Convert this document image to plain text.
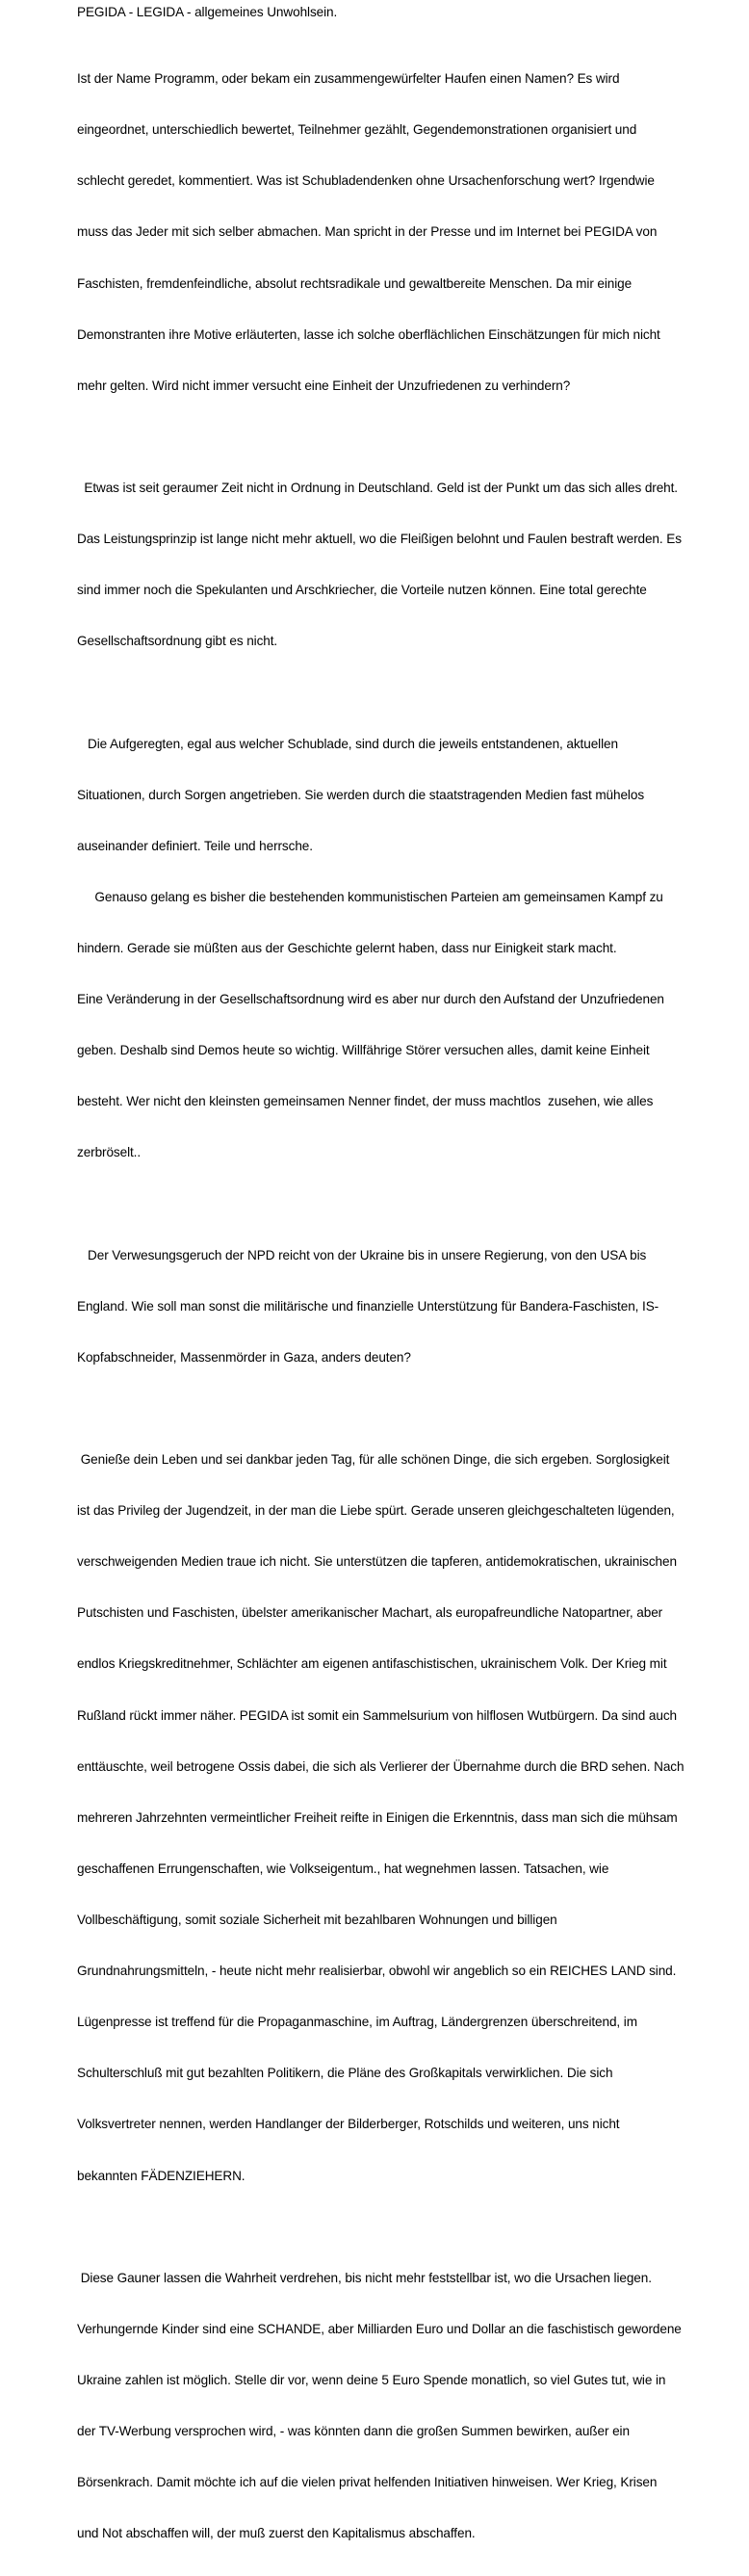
PEGIDA - LEGIDA - allgemeines Unwohlsein.

Ist der Name Programm, oder bekam ein zusammengewürfelter Haufen einen Namen? Es wird

eingeordnet, unterschiedlich bewertet, Teilnehmer gezählt, Gegendemonstrationen organisiert und

schlecht geredet, kommentiert. Was ist Schubladendenken ohne Ursachenforschung wert? Irgendwie

muss das Jeder mit sich selber abmachen. Man spricht in der Presse und im Internet bei PEGIDA von

Faschisten, fremdenfeindliche, absolut rechtsradikale und gewaltbereite Menschen. Da mir einige

Demonstranten ihre Motive erläuterten, lasse ich solche oberflächlichen Einschätzungen für mich nicht

mehr gelten. Wird nicht immer versucht eine Einheit der Unzufriedenen zu verhindern?

Etwas ist seit geraumer Zeit nicht in Ordnung in Deutschland. Geld ist der Punkt um das sich alles dreht.

Das Leistungsprinzip ist lange nicht mehr aktuell, wo die Fleißigen belohnt und Faulen bestraft werden. Es

sind immer noch die Spekulanten und Arschkriecher, die Vorteile nutzen können. Eine total gerechte

Gesellschaftsordnung gibt es nicht.

Die Aufgeregten, egal aus welcher Schublade, sind durch die jeweils entstandenen, aktuellen

Situationen, durch Sorgen angetrieben. Sie werden durch die staatstragenden Medien fast mühelos

auseinander definiert. Teile und herrsche.

Genauso gelang es bisher die bestehenden kommunistischen Parteien am gemeinsamen Kampf zu

hindern. Gerade sie müßten aus der Geschichte gelernt haben, dass nur Einigkeit stark macht.

Eine Veränderung in der Gesellschaftsordnung wird es aber nur durch den Aufstand der Unzufriedenen

geben. Deshalb sind Demos heute so wichtig. Willfährige Störer versuchen alles, damit keine Einheit

besteht. Wer nicht den kleinsten gemeinsamen Nenner findet, der muss machtlos  zusehen, wie alles

zerbröselt..

Der Verwesungsgeruch der NPD reicht von der Ukraine bis in unsere Regierung, von den USA bis

England. Wie soll man sonst die militärische und finanzielle Unterstützung für Bandera-Faschisten, IS-

Kopfabschneider, Massenmörder in Gaza, anders deuten?

Genieße dein Leben und sei dankbar jeden Tag, für alle schönen Dinge, die sich ergeben. Sorglosigkeit

ist das Privileg der Jugendzeit, in der man die Liebe spürt. Gerade unseren gleichgeschalteten lügenden,

verschweigenden Medien traue ich nicht. Sie unterstützen die tapferen, antidemokratischen, ukrainischen

Putschisten und Faschisten, übelster amerikanischer Machart, als europafreundliche Natopartner, aber

endlos Kriegskreditnehmer, Schlächter am eigenen antifaschistischen, ukrainischem Volk. Der Krieg mit

Rußland rückt immer näher. PEGIDA ist somit ein Sammelsurium von hilflosen Wutbürgern. Da sind auch

enttäuschte, weil betrogene Ossis dabei, die sich als Verlierer der Übernahme durch die BRD sehen. Nach

mehreren Jahrzehnten vermeintlicher Freiheit reifte in Einigen die Erkenntnis, dass man sich die mühsam

geschaffenen Errungenschaften, wie Volkseigentum., hat wegnehmen lassen. Tatsachen, wie

Vollbeschäftigung, somit soziale Sicherheit mit bezahlbaren Wohnungen und billigen

Grundnahrungsmitteln, - heute nicht mehr realisierbar, obwohl wir angeblich so ein REICHES LAND sind.

Lügenpresse ist treffend für die Propaganmaschine, im Auftrag, Ländergrenzen überschreitend, im

Schulterschluß mit gut bezahlten Politikern, die Pläne des Großkapitals verwirklichen. Die sich

Volksvertreter nennen, werden Handlanger der Bilderberger, Rotschilds und weiteren, uns nicht

bekannten FÄDENZIEHERN.

Diese Gauner lassen die Wahrheit verdrehen, bis nicht mehr feststellbar ist, wo die Ursachen liegen.

Verhungernde Kinder sind eine SCHANDE, aber Milliarden Euro und Dollar an die faschistisch gewordene

Ukraine zahlen ist möglich. Stelle dir vor, wenn deine 5 Euro Spende monatlich, so viel Gutes tut, wie in

der TV-Werbung versprochen wird, - was könnten dann die großen Summen bewirken, außer ein

Börsenkrach. Damit möchte ich auf die vielen privat helfenden Initiativen hinweisen. Wer Krieg, Krisen

und Not abschaffen will, der muß zuerst den Kapitalismus abschaffen.
